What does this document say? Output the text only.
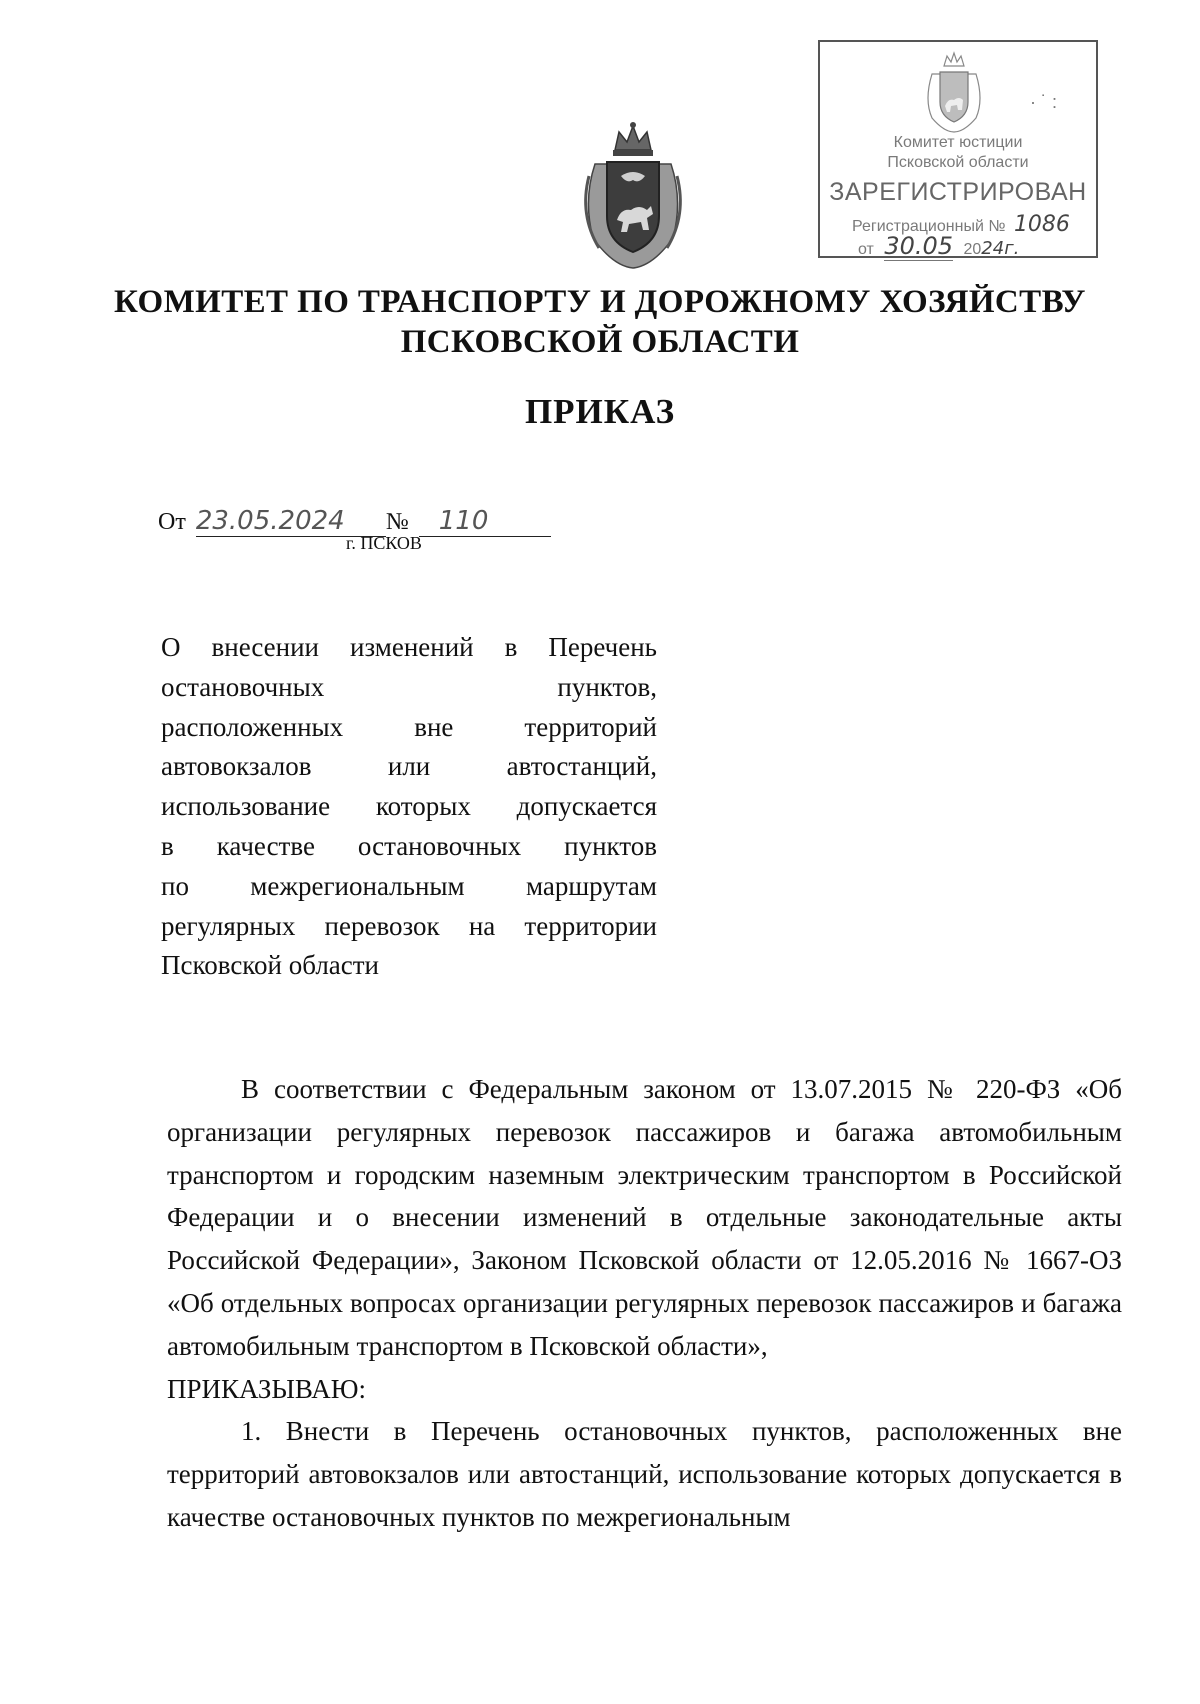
· ˙ :
Комитет юстиции
Псковской области
ЗАРЕГИСТРИРОВАН
Регистрационный № 1086
от 30.05 2024г.
КОМИТЕТ ПО ТРАНСПОРТУ И ДОРОЖНОМУ ХОЗЯЙСТВУ
ПСКОВСКОЙ ОБЛАСТИ
ПРИКАЗ
От 23.05.2024 № 110
г. ПСКОВ
О внесении изменений в Перечень
остановочных пунктов,
расположенных вне территорий
автовокзалов или автостанций,
использование которых допускается
в качестве остановочных пунктов
по межрегиональным маршрутам
регулярных перевозок на территории
Псковской области

В соответствии с Федеральным законом от 13.07.2015 № 220-ФЗ «Об организации регулярных перевозок пассажиров и багажа автомобильным транспортом и городским наземным электрическим транспортом в Российской Федерации и о внесении изменений в отдельные законодательные акты Российской Федерации», Законом Псковской области от 12.05.2016 № 1667-ОЗ «Об отдельных вопросах организации регулярных перевозок пассажиров и багажа автомобильным транспортом в Псковской области»,

ПРИКАЗЫВАЮ:

1. Внести в Перечень остановочных пунктов, расположенных вне территорий автовокзалов или автостанций, использование которых допускается в качестве остановочных пунктов по межрегиональным
